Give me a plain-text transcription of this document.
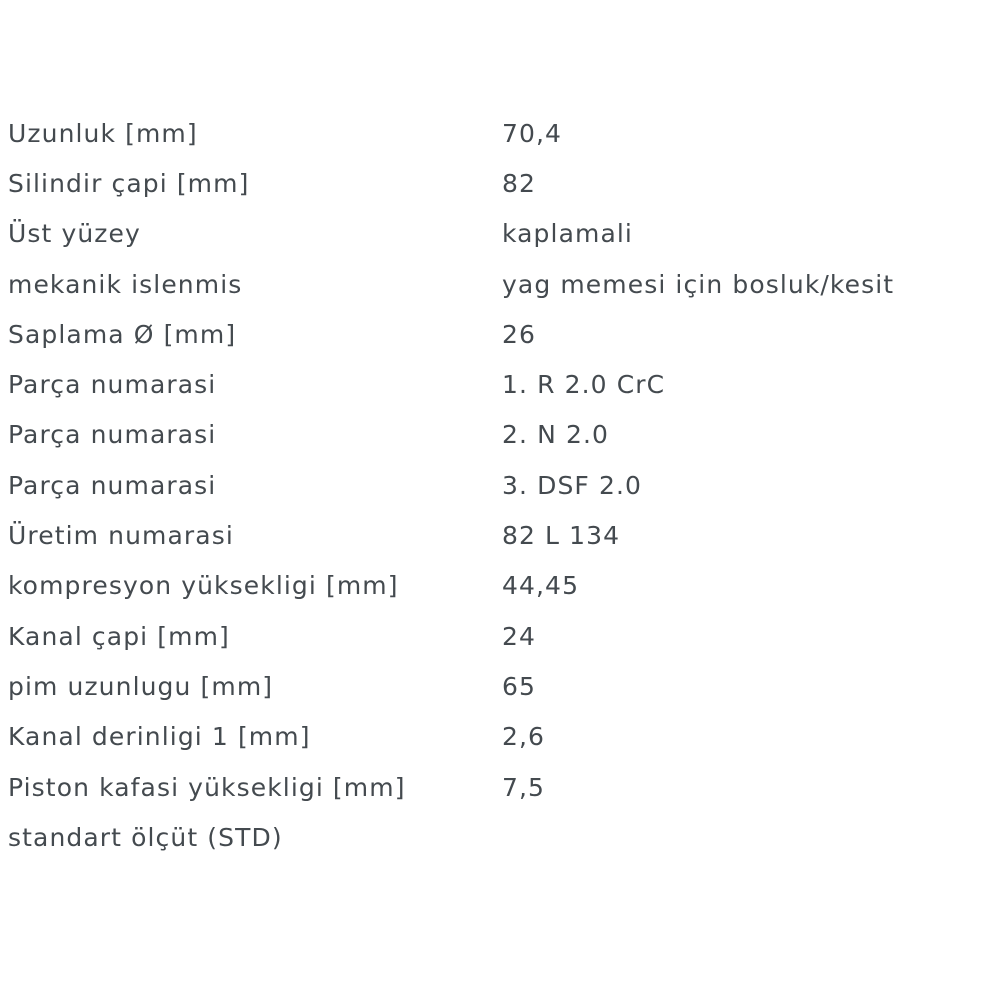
Uzunluk [mm]	70,4
Silindir çapi [mm]	82
Üst yüzey	kaplamali
mekanik islenmis	yag memesi için bosluk/kesit
Saplama Ø [mm]	26
Parça numarasi	1. R 2.0 CrC
Parça numarasi	2. N 2.0
Parça numarasi	3. DSF 2.0
Üretim numarasi	82 L 134
kompresyon yüksekligi [mm]	44,45
Kanal çapi [mm]	24
pim uzunlugu [mm]	65
Kanal derinligi 1 [mm]	2,6
Piston kafasi yüksekligi [mm]	7,5
standart ölçüt (STD)	
